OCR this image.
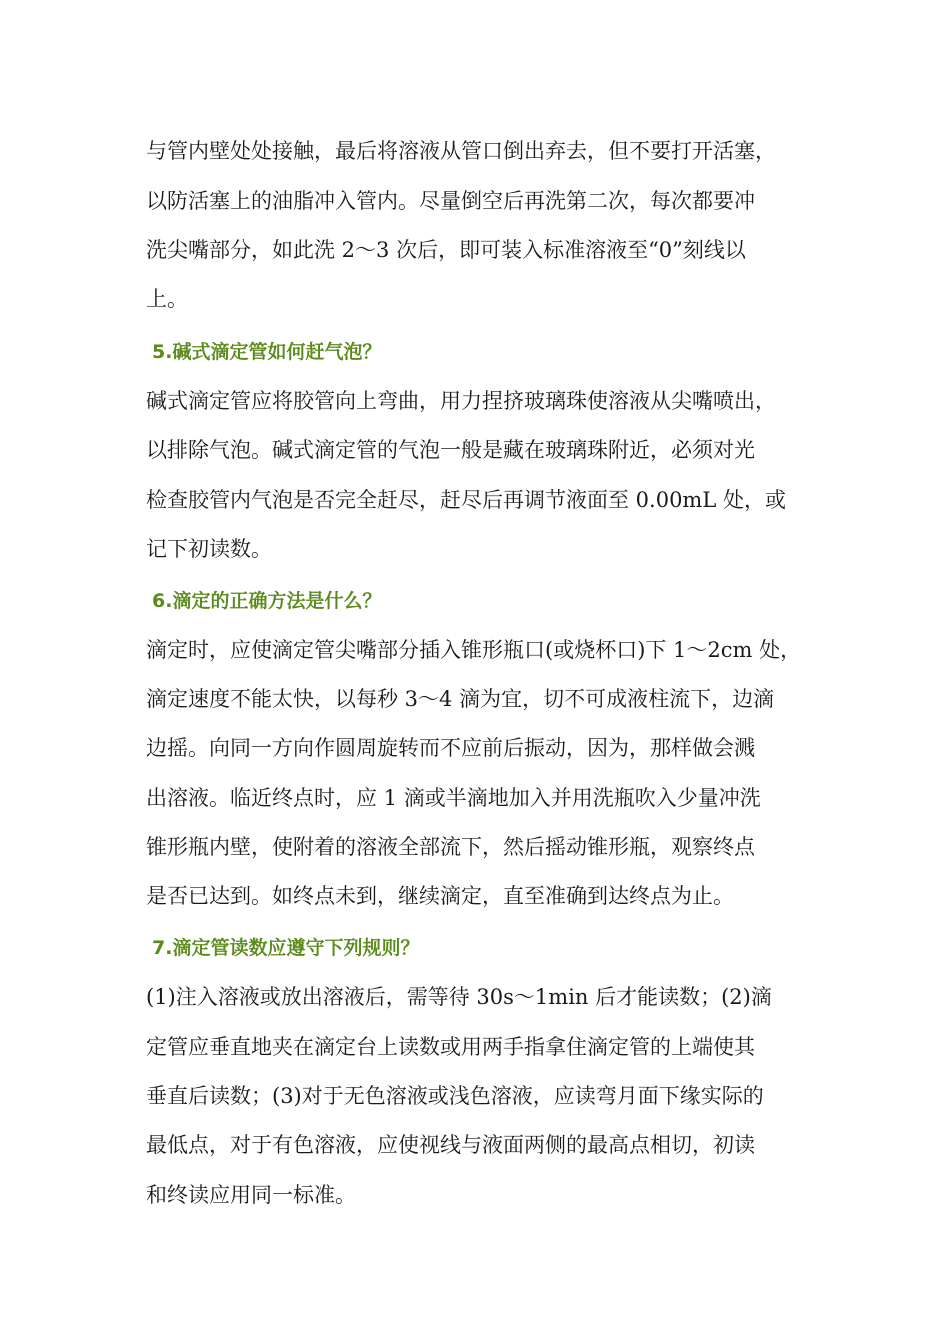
与管内壁处处接触，最后将溶液从管口倒出弃去，但不要打开活塞，
以防活塞上的油脂冲入管内。尽量倒空后再洗第二次，每次都要冲
洗尖嘴部分，如此洗 2～3 次后，即可装入标准溶液至“0”刻线以
上。
5.碱式滴定管如何赶气泡？
碱式滴定管应将胶管向上弯曲，用力捏挤玻璃珠使溶液从尖嘴喷出，
以排除气泡。碱式滴定管的气泡一般是藏在玻璃珠附近，必须对光
检查胶管内气泡是否完全赶尽，赶尽后再调节液面至 0.00mL 处，或
记下初读数。
6.滴定的正确方法是什么？
滴定时，应使滴定管尖嘴部分插入锥形瓶口(或烧杯口)下 1～2cm 处，
滴定速度不能太快，以每秒 3～4 滴为宜，切不可成液柱流下，边滴
边摇。向同一方向作圆周旋转而不应前后振动，因为，那样做会溅
出溶液。临近终点时，应 1 滴或半滴地加入并用洗瓶吹入少量冲洗
锥形瓶内壁，使附着的溶液全部流下，然后摇动锥形瓶，观察终点
是否已达到。如终点未到，继续滴定，直至准确到达终点为止。
7.滴定管读数应遵守下列规则？
(1)注入溶液或放出溶液后，需等待 30s～1min 后才能读数；(2)滴
定管应垂直地夹在滴定台上读数或用两手指拿住滴定管的上端使其
垂直后读数；(3)对于无色溶液或浅色溶液，应读弯月面下缘实际的
最低点，对于有色溶液，应使视线与液面两侧的最高点相切，初读
和终读应用同一标准。
